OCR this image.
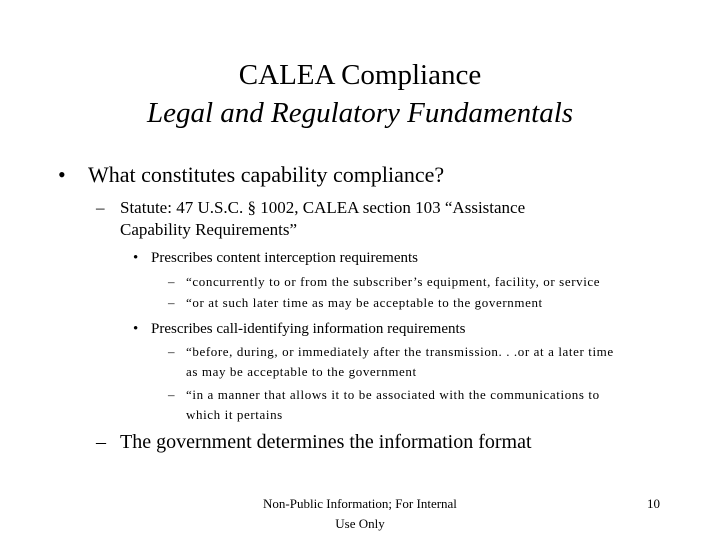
CALEA Compliance
Legal and Regulatory Fundamentals
• What constitutes capability compliance?
– Statute: 47 U.S.C. § 1002, CALEA section 103 “Assistance
Capability Requirements”
• Prescribes content interception requirements
– “concurrently to or from the subscriber’s equipment, facility, or service
– “or at such later time as may be acceptable to the government
• Prescribes call-identifying information requirements
– “before, during, or immediately after the transmission. . .or at a later time
as may be acceptable to the government
– “in a manner that allows it to be associated with the communications to
which it pertains
– The government determines the information format
Non-Public Information; For Internal
Use Only
10
